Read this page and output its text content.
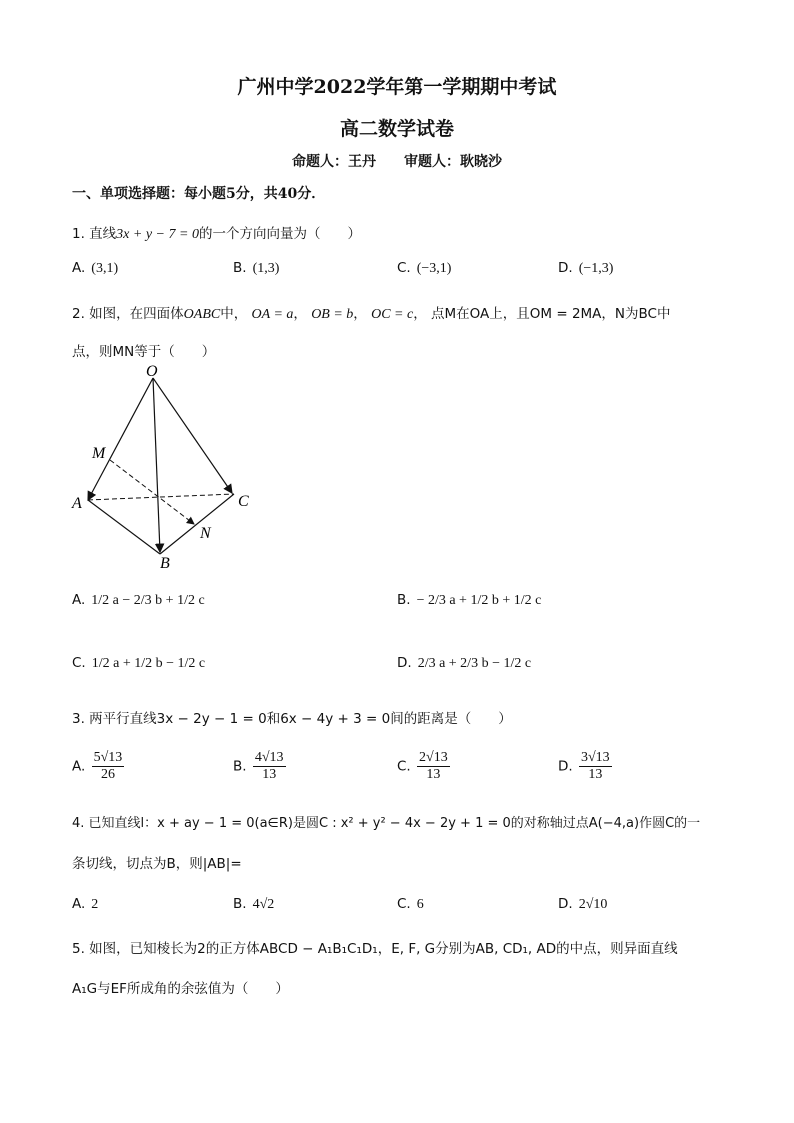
广州中学2022学年第一学期期中考试
高二数学试卷
命题人：王丹　　审题人：耿晓沙
一、单项选择题：每小题5分，共40分．
1. 直线3x + y − 7 = 0的一个方向向量为（　　）
A. (3,1)	B. (1,3)	C. (−3,1)	D. (−1,3)
2. 如图，在四面体OABC中， OA = a， OB = b， OC = c， 点M在OA上，且OM = 2MA，N为BC中
点，则MN等于（　　）
O
M
A
B
C
N
A. 1/2 a − 2/3 b + 1/2 c	B. − 2/3 a + 1/2 b + 1/2 c
C. 1/2 a + 1/2 b − 1/2 c	D. 2/3 a + 2/3 b − 1/2 c
3. 两平行直线3x − 2y − 1 = 0和6x − 4y + 3 = 0间的距离是（　　）
A. $\frac{5√13}{26}$	B. $\frac{4√13}{13}$	C. $\frac{2√13}{13}$	D. $\frac{3√13}{13}$
4. 已知直线l：x + ay − 1 = 0(a∈R)是圆C : x² + y² − 4x − 2y + 1 = 0的对称轴过点A(−4,a)作圆C的一
条切线，切点为B，则|AB|=
A. 2	B. 4√2	C. 6	D. 2√10
5. 如图，已知棱长为2的正方体ABCD − A₁B₁C₁D₁，E, F, G分别为AB, CD₁, AD的中点，则异面直线
A₁G与EF所成角的余弦值为（　　）
